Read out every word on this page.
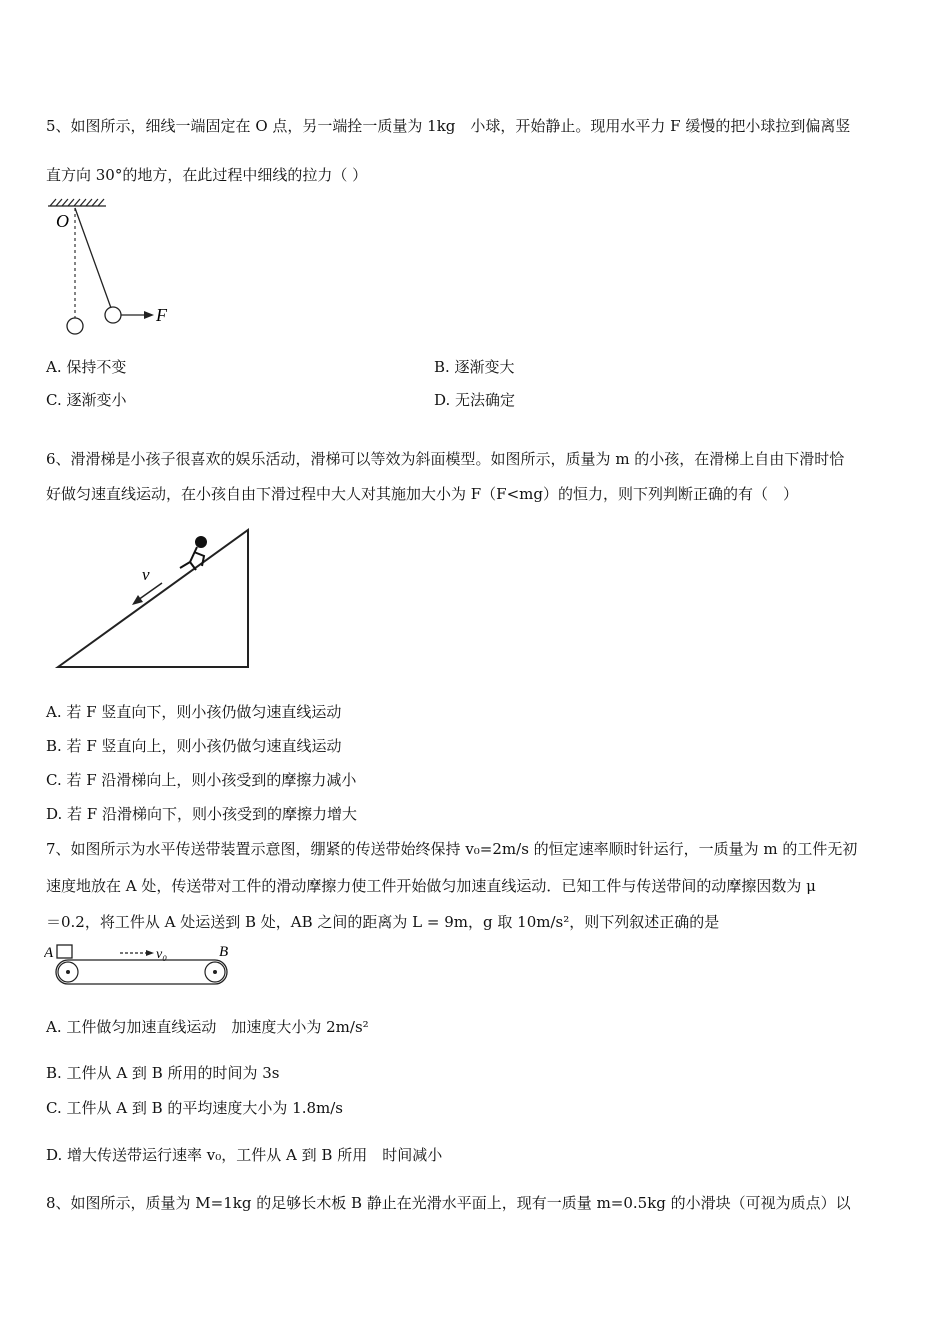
5、如图所示，细线一端固定在 O 点，另一端拴一质量为 1kg　小球，开始静止。现用水平力 F 缓慢的把小球拉到偏离竖
直方向 30°的地方，在此过程中细线的拉力（ ）
O
F
A. 保持不变	B. 逐渐变大
C. 逐渐变小	D. 无法确定
6、滑滑梯是小孩子很喜欢的娱乐活动，滑梯可以等效为斜面模型。如图所示，质量为 m 的小孩，在滑梯上自由下滑时恰
好做匀速直线运动，在小孩自由下滑过程中大人对其施加大小为 F（F<mg）的恒力，则下列判断正确的有（　）
v
A. 若 F 竖直向下，则小孩仍做匀速直线运动
B. 若 F 竖直向上，则小孩仍做匀速直线运动
C. 若 F 沿滑梯向上，则小孩受到的摩擦力减小
D. 若 F 沿滑梯向下，则小孩受到的摩擦力增大
7、如图所示为水平传送带装置示意图，绷紧的传送带始终保持 v₀=2m/s 的恒定速率顺时针运行，一质量为 m 的工件无初
速度地放在 A 处，传送带对工件的滑动摩擦力使工件开始做匀加速直线运动．已知工件与传送带间的动摩擦因数为 μ
＝0.2，将工件从 A 处运送到 B 处，AB 之间的距离为 L = 9m，g 取 10m/s²，则下列叙述正确的是
A	v₀	B
A. 工件做匀加速直线运动　加速度大小为 2m/s²
B. 工件从 A 到 B 所用的时间为 3s
C. 工件从 A 到 B 的平均速度大小为 1.8m/s
D. 增大传送带运行速率 v₀，工件从 A 到 B 所用　时间减小
8、如图所示，质量为 M=1kg 的足够长木板 B 静止在光滑水平面上，现有一质量 m=0.5kg 的小滑块（可视为质点）以
